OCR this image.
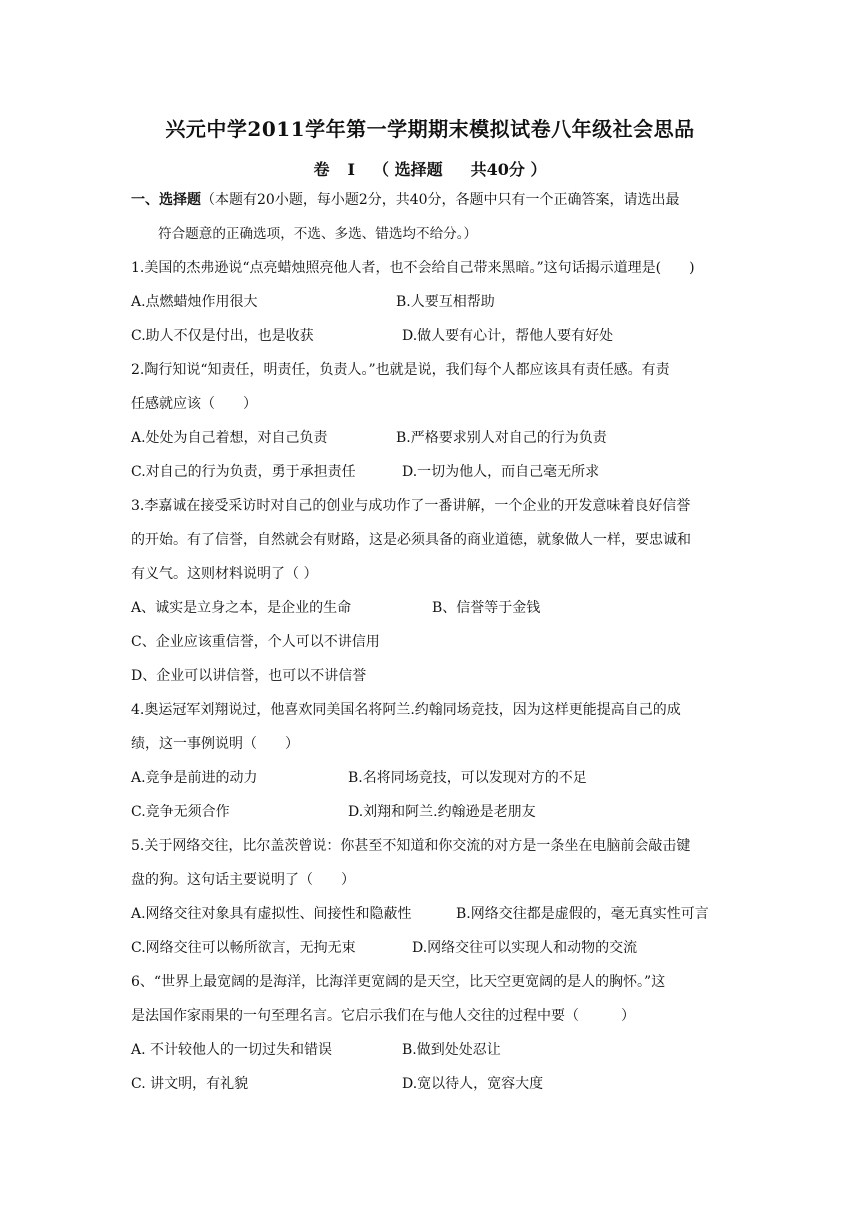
兴元中学2011学年第一学期期末模拟试卷八年级社会思品
卷 Ⅰ （ 选择题 共40分 ）
一、选择题（本题有20小题，每小题2分，共40分，各题中只有一个正确答案，请选出最
符合题意的正确选项，不选、多选、错选均不给分。）
1.美国的杰弗逊说“点亮蜡烛照亮他人者，也不会给自己带来黑暗。”这句话揭示道理是(　　)
A.点燃蜡烛作用很大	B.人要互相帮助
C.助人不仅是付出，也是收获	D.做人要有心计，帮他人要有好处
2.陶行知说“知责任，明责任，负责人。”也就是说，我们每个人都应该具有责任感。有责
任感就应该（　　）
A.处处为自己着想，对自己负责	B.严格要求别人对自己的行为负责
C.对自己的行为负责，勇于承担责任	D.一切为他人，而自己毫无所求
3.李嘉诚在接受采访时对自己的创业与成功作了一番讲解，一个企业的开发意味着良好信誉
的开始。有了信誉，自然就会有财路，这是必须具备的商业道德，就象做人一样，要忠诚和
有义气。这则材料说明了（ ）
A、诚实是立身之本，是企业的生命	B、信誉等于金钱
C、企业应该重信誉，个人可以不讲信用
D、企业可以讲信誉，也可以不讲信誉
4.奥运冠军刘翔说过，他喜欢同美国名将阿兰.约翰同场竞技，因为这样更能提高自己的成
绩，这一事例说明（　　）
A.竞争是前进的动力	B.名将同场竞技，可以发现对方的不足
C.竞争无须合作	D.刘翔和阿兰.约翰逊是老朋友
5.关于网络交往，比尔盖茨曾说：你甚至不知道和你交流的对方是一条坐在电脑前会敲击键
盘的狗。这句话主要说明了（　　）
A.网络交往对象具有虚拟性、间接性和隐蔽性	B.网络交往都是虚假的，毫无真实性可言
C.网络交往可以畅所欲言，无拘无束	D.网络交往可以实现人和动物的交流
6、“世界上最宽阔的是海洋，比海洋更宽阔的是天空，比天空更宽阔的是人的胸怀。”这
是法国作家雨果的一句至理名言。它启示我们在与他人交往的过程中要（　　　）
A. 不计较他人的一切过失和错误	B.做到处处忍让
C. 讲文明，有礼貌	D.宽以待人，宽容大度
